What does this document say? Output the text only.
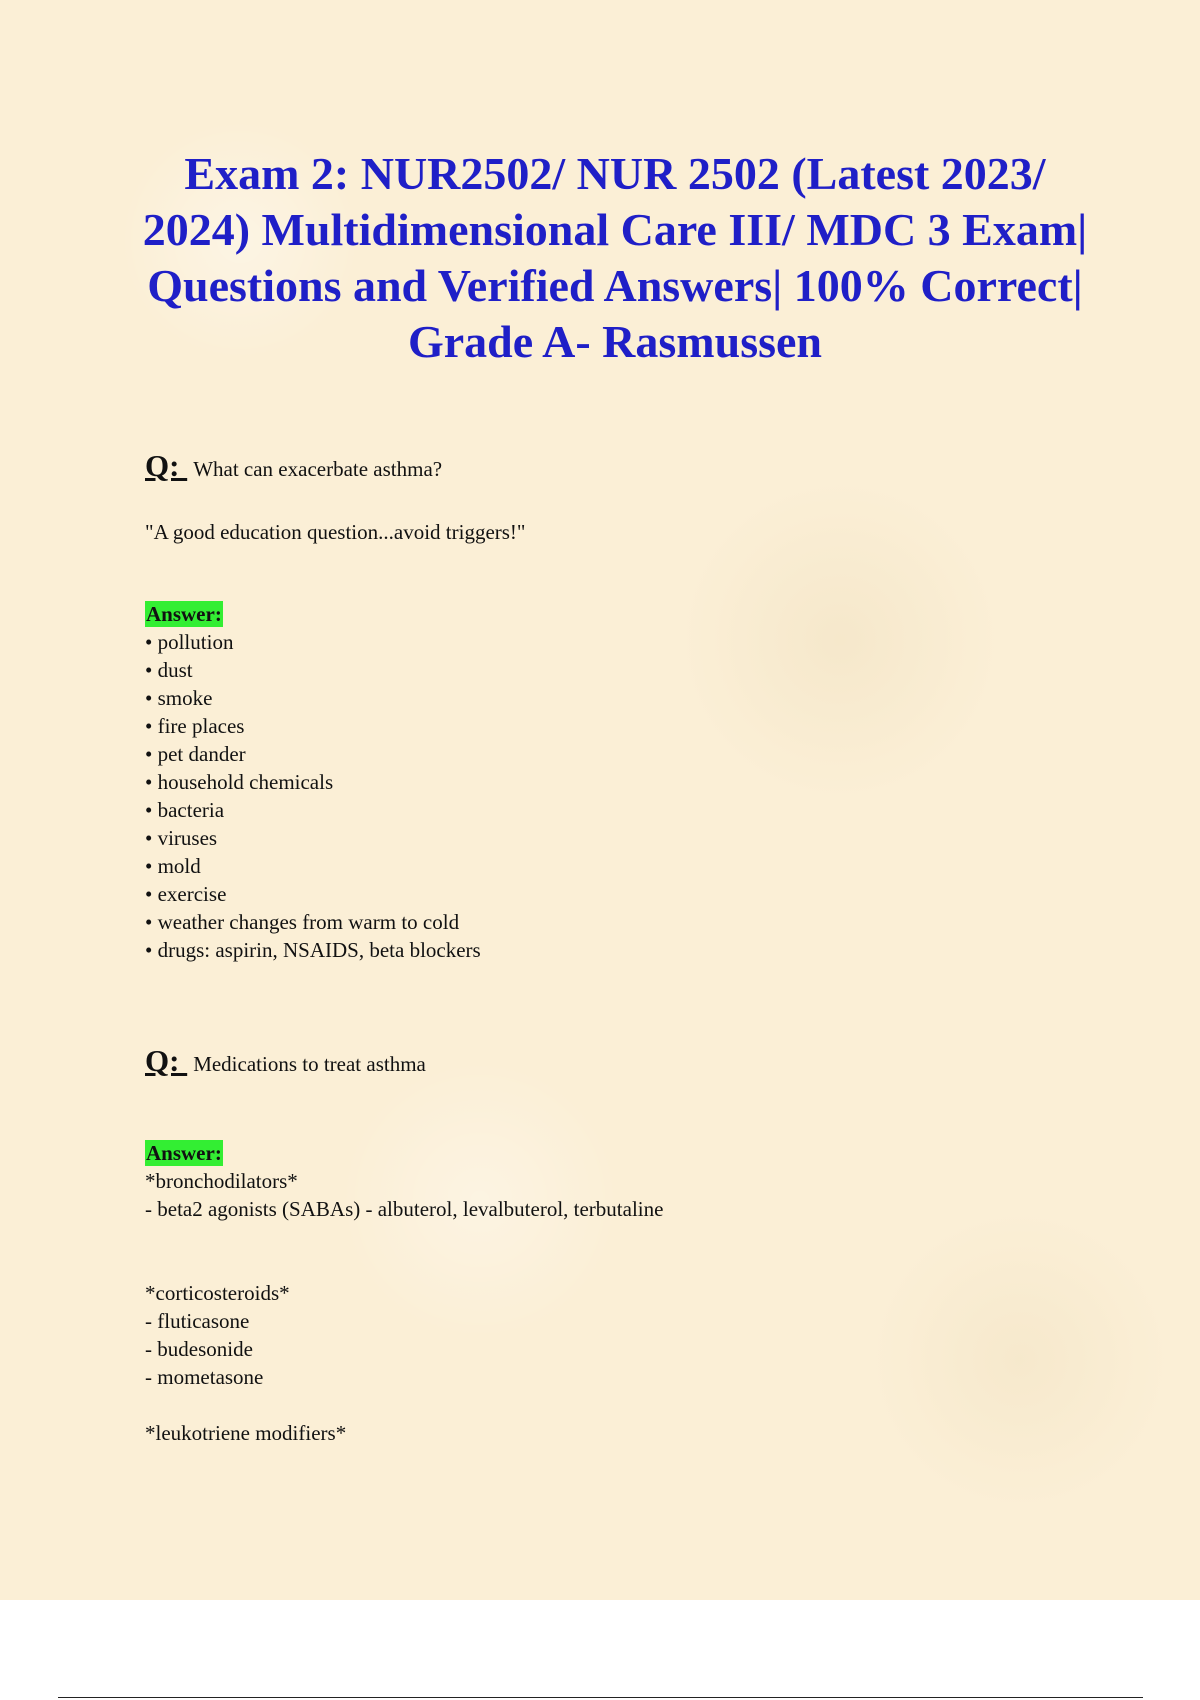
Exam 2: NUR2502/ NUR 2502 (Latest 2023/ 2024) Multidimensional Care III/ MDC 3 Exam| Questions and Verified Answers| 100% Correct| Grade A- Rasmussen
Q: What can exacerbate asthma?
"A good education question...avoid triggers!"
Answer:
• pollution
• dust
• smoke
• fire places
• pet dander
• household chemicals
• bacteria
• viruses
• mold
• exercise
• weather changes from warm to cold
• drugs: aspirin, NSAIDS, beta blockers
Q: Medications to treat asthma
Answer:
*bronchodilators*
- beta2 agonists (SABAs) - albuterol, levalbuterol, terbutaline
*corticosteroids*
- fluticasone
- budesonide
- mometasone
*leukotriene modifiers*
